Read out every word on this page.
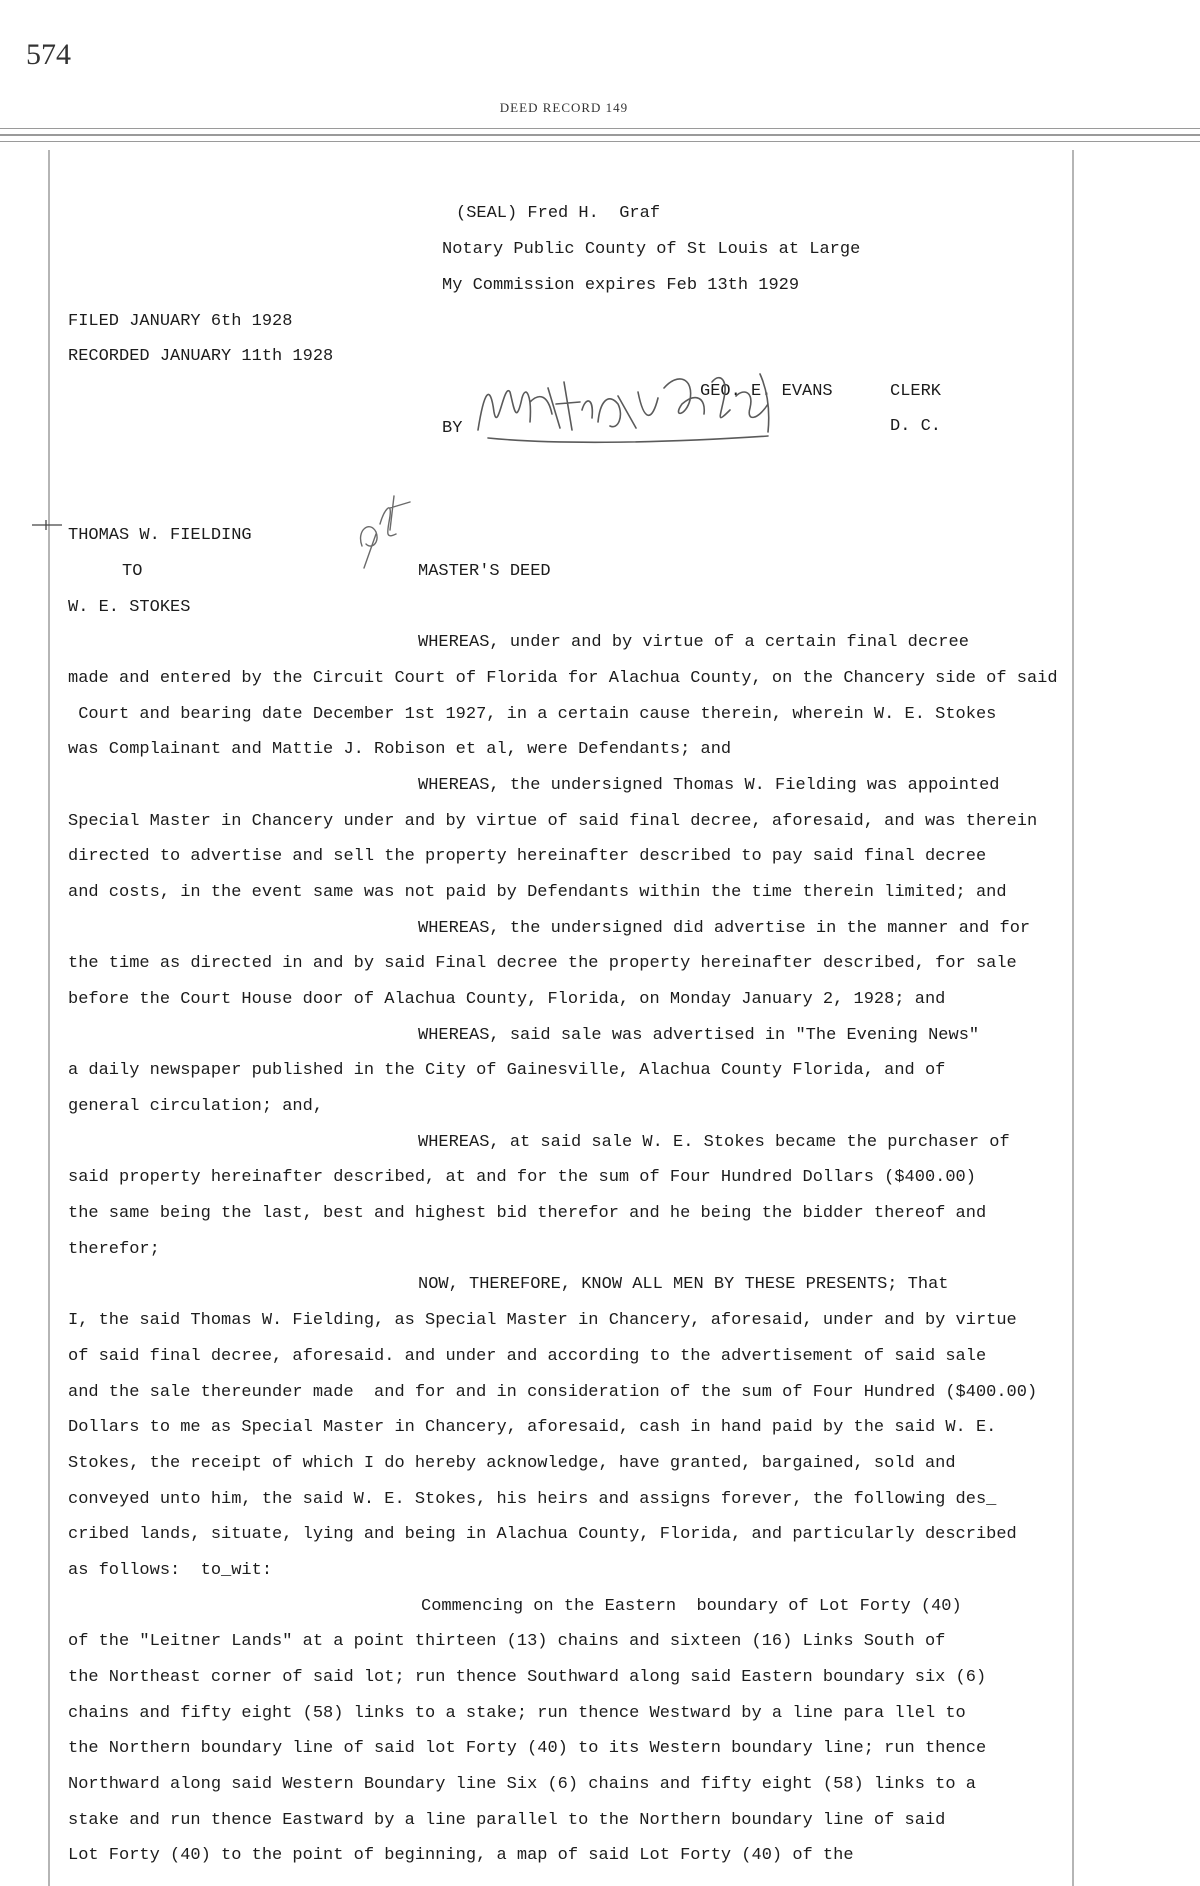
574
DEED RECORD 149
(SEAL) Fred H.  Graf
Notary Public County of St Louis at Large
My Commission expires Feb 13th 1929
FILED JANUARY 6th 1928
RECORDED JANUARY 11th 1928
GEO. E. EVANS	CLERK
BY	D. C.
THOMAS W. FIELDING
TO	MASTER'S DEED
W. E. STOKES
WHEREAS, under and by virtue of a certain final decree
made and entered by the Circuit Court of Florida for Alachua County, on the Chancery side of said
Court and bearing date December 1st 1927, in a certain cause therein, wherein W. E. Stokes
was Complainant and Mattie J. Robison et al, were Defendants; and
WHEREAS, the undersigned Thomas W. Fielding was appointed
Special Master in Chancery under and by virtue of said final decree, aforesaid, and was therein
directed to advertise and sell the property hereinafter described to pay said final decree
and costs, in the event same was not paid by Defendants within the time therein limited; and
WHEREAS, the undersigned did advertise in the manner and for
the time as directed in and by said Final decree the property hereinafter described, for sale
before the Court House door of Alachua County, Florida, on Monday January 2, 1928; and
WHEREAS, said sale was advertised in "The Evening News"
a daily newspaper published in the City of Gainesville, Alachua County Florida, and of
general circulation; and,
WHEREAS, at said sale W. E. Stokes became the purchaser of
said property hereinafter described, at and for the sum of Four Hundred Dollars ($400.00)
the same being the last, best and highest bid therefor and he being the bidder thereof and
therefor;
NOW, THEREFORE, KNOW ALL MEN BY THESE PRESENTS; That
I, the said Thomas W. Fielding, as Special Master in Chancery, aforesaid, under and by virtue
of said final decree, aforesaid. and under and according to the advertisement of said sale
and the sale thereunder made  and for and in consideration of the sum of Four Hundred ($400.00)
Dollars to me as Special Master in Chancery, aforesaid, cash in hand paid by the said W. E.
Stokes, the receipt of which I do hereby acknowledge, have granted, bargained, sold and
conveyed unto him, the said W. E. Stokes, his heirs and assigns forever, the following des_
cribed lands, situate, lying and being in Alachua County, Florida, and particularly described
as follows:  to_wit:
Commencing on the Eastern  boundary of Lot Forty (40)
of the "Leitner Lands" at a point thirteen (13) chains and sixteen (16) Links South of
the Northeast corner of said lot; run thence Southward along said Eastern boundary six (6)
chains and fifty eight (58) links to a stake; run thence Westward by a line para llel to
the Northern boundary line of said lot Forty (40) to its Western boundary line; run thence
Northward along said Western Boundary line Six (6) chains and fifty eight (58) links to a
stake and run thence Eastward by a line parallel to the Northern boundary line of said
Lot Forty (40) to the point of beginning, a map of said Lot Forty (40) of the
